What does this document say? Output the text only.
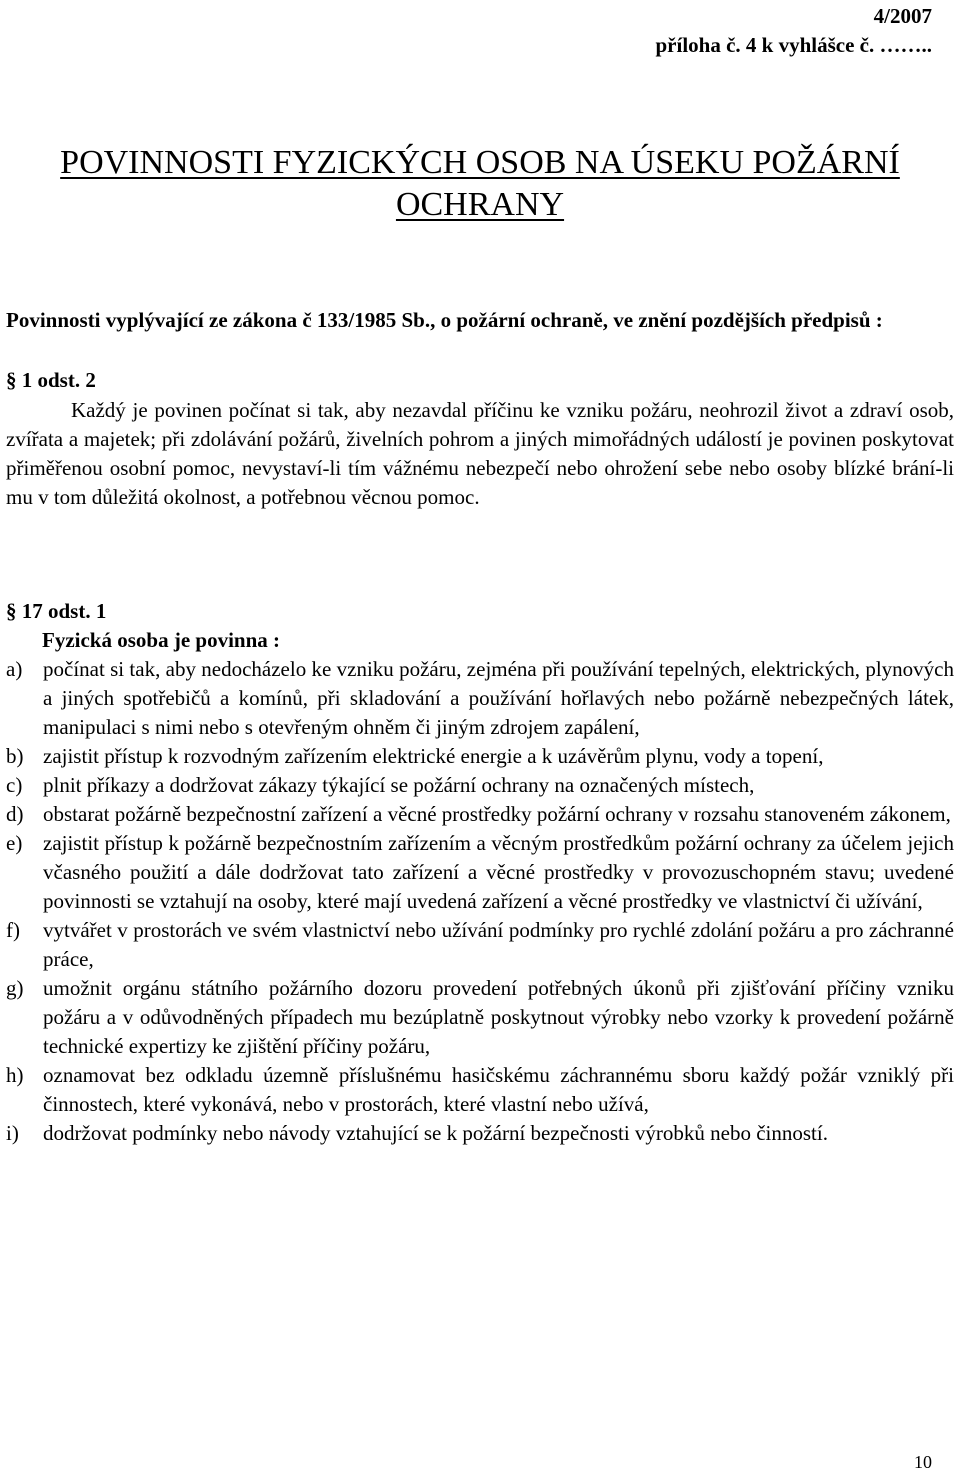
4/2007
příloha č. 4 k vyhlášce č. ……..
POVINNOSTI FYZICKÝCH OSOB NA ÚSEKU POŽÁRNÍ OCHRANY
Povinnosti vyplývající ze zákona č 133/1985 Sb., o požární ochraně, ve znění pozdějších předpisů :
§ 1 odst. 2
Každý je povinen počínat si tak, aby nezavdal příčinu ke vzniku požáru, neohrozil život a zdraví osob, zvířata a majetek; při zdolávání požárů, živelních pohrom a jiných mimořádných událostí je povinen poskytovat přiměřenou osobní pomoc, nevystaví-li tím vážnému nebezpečí nebo ohrožení sebe nebo osoby blízké brání-li mu v tom důležitá okolnost, a potřebnou věcnou pomoc.
§ 17 odst. 1
Fyzická osoba je povinna :
a) počínat si tak, aby nedocházelo ke vzniku požáru, zejména při používání tepelných, elektrických, plynových a jiných spotřebičů a komínů, při skladování a používání hořlavých nebo požárně nebezpečných látek, manipulaci s nimi nebo s otevřeným ohněm či jiným zdrojem zapálení,
b) zajistit přístup k rozvodným zařízením elektrické energie a k uzávěrům plynu, vody a topení,
c) plnit příkazy a dodržovat zákazy týkající se požární ochrany na označených místech,
d) obstarat požárně bezpečnostní zařízení a věcné prostředky požární ochrany v rozsahu stanoveném zákonem,
e) zajistit přístup k požárně bezpečnostním zařízením a věcným prostředkům požární ochrany za účelem jejich včasného použití a dále dodržovat tato zařízení a věcné prostředky v provozuschopném stavu; uvedené povinnosti se vztahují na osoby, které mají uvedená zařízení a věcné prostředky ve vlastnictví či užívání,
f) vytvářet v prostorách ve svém vlastnictví nebo užívání podmínky pro rychlé zdolání požáru a pro záchranné práce,
g) umožnit orgánu státního požárního dozoru provedení potřebných úkonů při zjišťování příčiny vzniku požáru a v odůvodněných případech mu bezúplatně poskytnout výrobky nebo vzorky k provedení požárně technické expertizy ke zjištění příčiny požáru,
h) oznamovat bez odkladu územně příslušnému hasičskému záchrannému sboru každý požár vzniklý při činnostech, které vykonává, nebo v prostorách, které vlastní nebo užívá,
i) dodržovat podmínky nebo návody vztahující se k požární bezpečnosti výrobků nebo činností.
10
